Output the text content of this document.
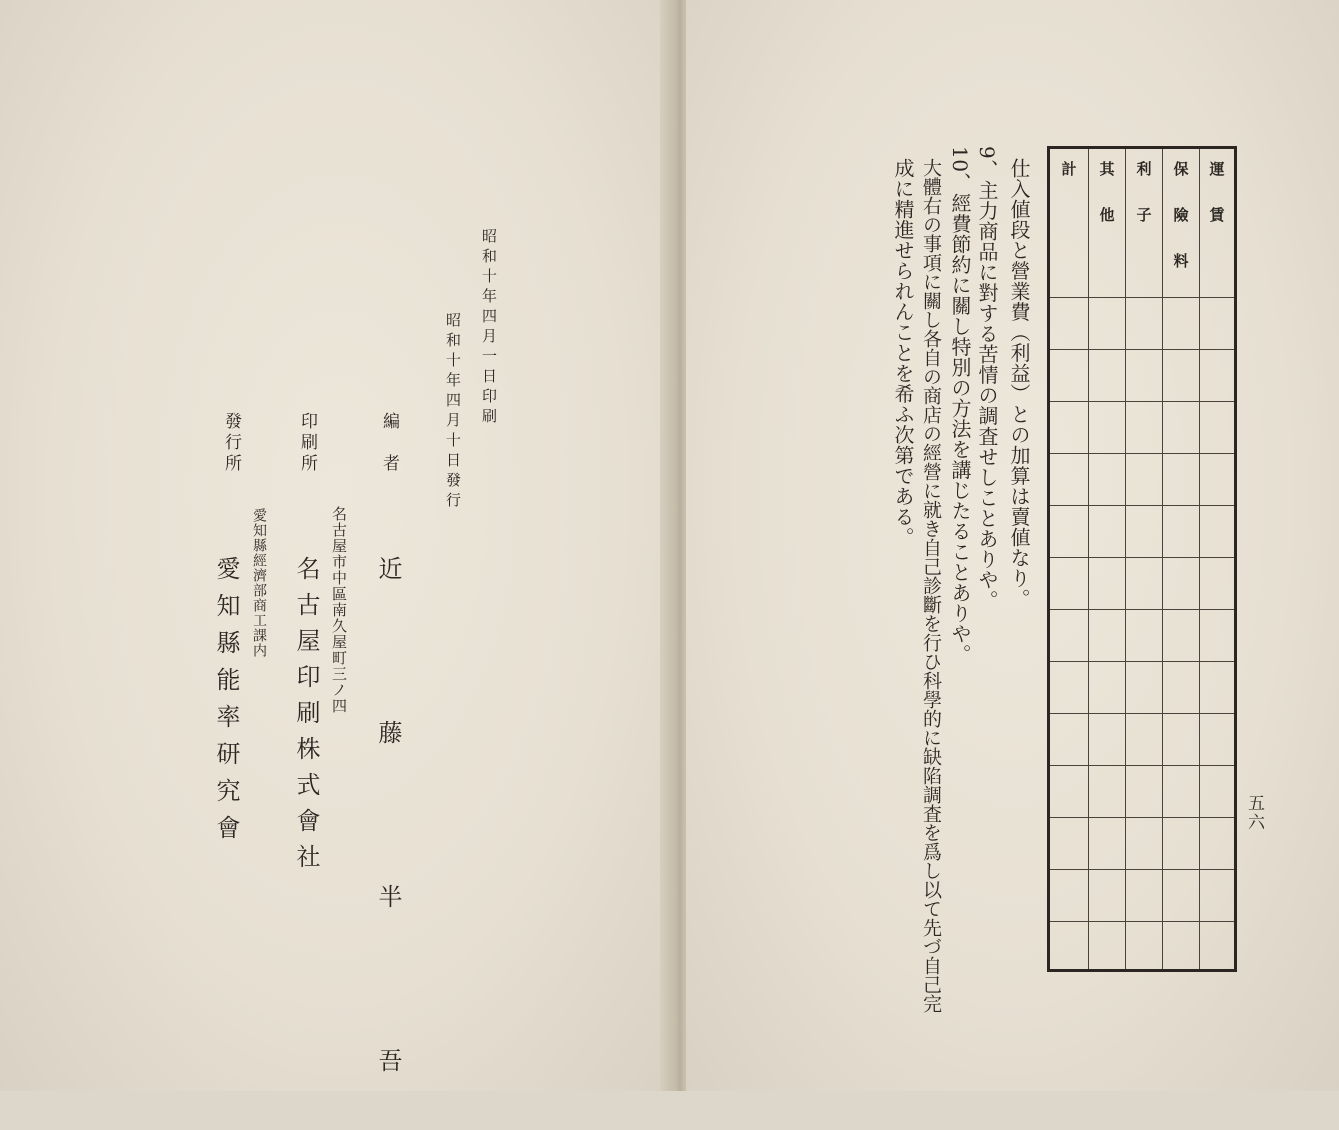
昭和十年四月一日印刷
昭和十年四月十日發行
編　者
近　藤　半　吾
印刷所
名古屋市中區南久屋町三ノ四
名古屋印刷株式會社
發行所
愛知縣經濟部商工課内
愛知縣能率研究會

計 其　他 利　子 保　險　料 運　賃
仕入値段と營業費（利益）との加算は賣値なり。
9、主力商品に對する苦情の調査せしことありや。
10、經費節約に關し特別の方法を講じたることありや。
大體右の事項に關し各自の商店の經營に就き自己診斷を行ひ科學的に缺陷調査を爲し以て先づ自己完
成に精進せられんことを希ふ次第である。
五六
